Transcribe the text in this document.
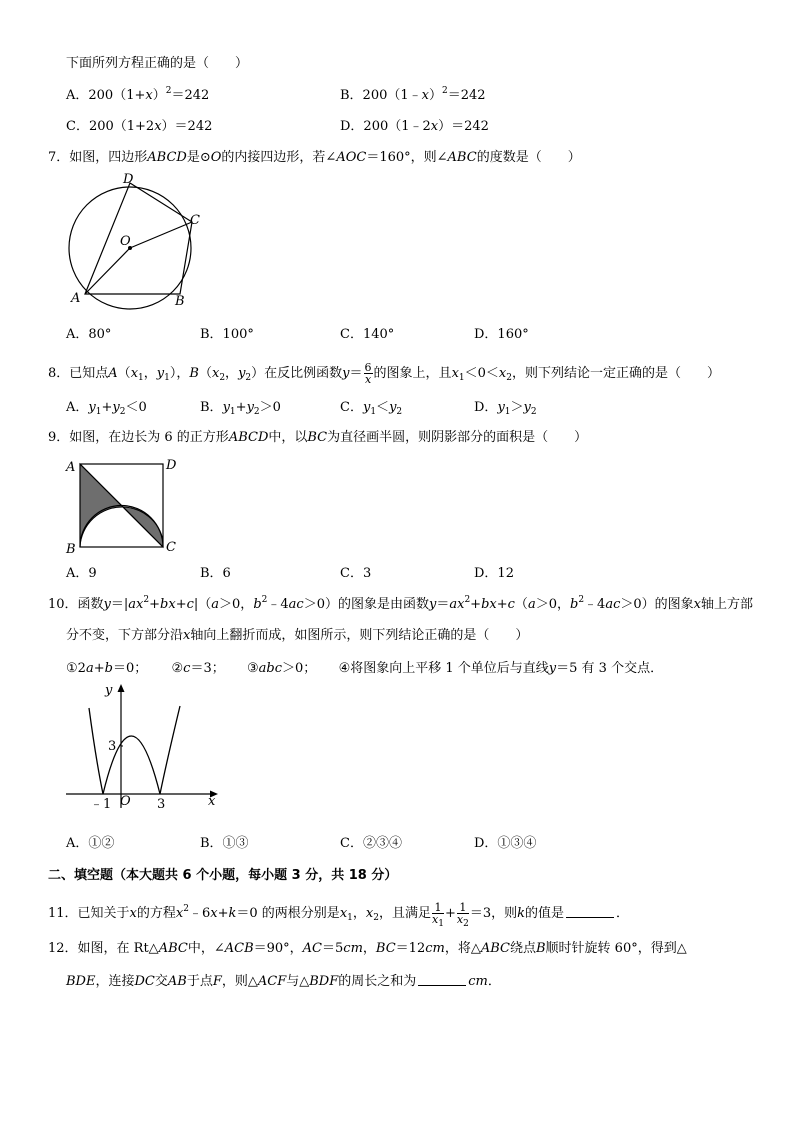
下面所列方程正确的是（　　）
A．$200(1+x)^2=242$	B．200（1﹣x）$^2$＝242
C．200（1+2x）＝242	D．200（1﹣2x）＝242
7．如图，四边形ABCD是⊙O的内接四边形，若∠AOC＝160°，则∠ABC的度数是（　　）
D
C
O
A	B
A．80°	B．100°	C．140°	D．160°
8．已知点$A(x_1$，$y_1$），$B(x_2$，$y_2$）在反比例函数$y= \frac{6}{x}$ 的图象上，且$x_1<0<x_2$，则下列结论一定正确的是（　　）
A．$y_1+y_2<0$	B．$y_1+y_2>0$	C．$y_1<y_2$	D．$y_1>y_2$
9．如图，在边长为 6 的正方形ABCD中，以BC为直径画半圆，则阴影部分的面积是（　　）
A	D
B	C
A．9	B．6	C．3	D．12
10．函数$y=|ax^2+bx+c|(a>0$，$b^2﹣4ac>0$）的图象是由函数$y=ax^2+bx+c(a>0$，$b^2﹣4ac>0$）的图象x轴上方部
分不变，下方部分沿x轴向上翻折而成，如图所示，则下列结论正确的是（　　）
①2a+b＝0； ②c＝3； ③abc＞0； ④将图象向上平移 1 个单位后与直线y＝5 有 3 个交点．
y
3
﹣1 O 3	x
A．①②	B．①③	C．②③④	D．①③④
二、填空题（本大题共 6 个小题，每小题 3 分，共 18 分）
11．已知关于x的方程$x^2﹣6x+k=0$ 的两根分别是$x_1$，$x_2$，且满足 $\frac{1}{x_1} + \frac{1}{x_2} =3$，则k的值是	．
12．如图，在 Rt△ABC中，∠ACB＝90°，AC＝5cm，BC＝12cm，将△ABC绕点B顺时针旋转 60°，得到△
BDE，连接DC交AB于点F，则△ACF与△BDF的周长之和为	cm．
